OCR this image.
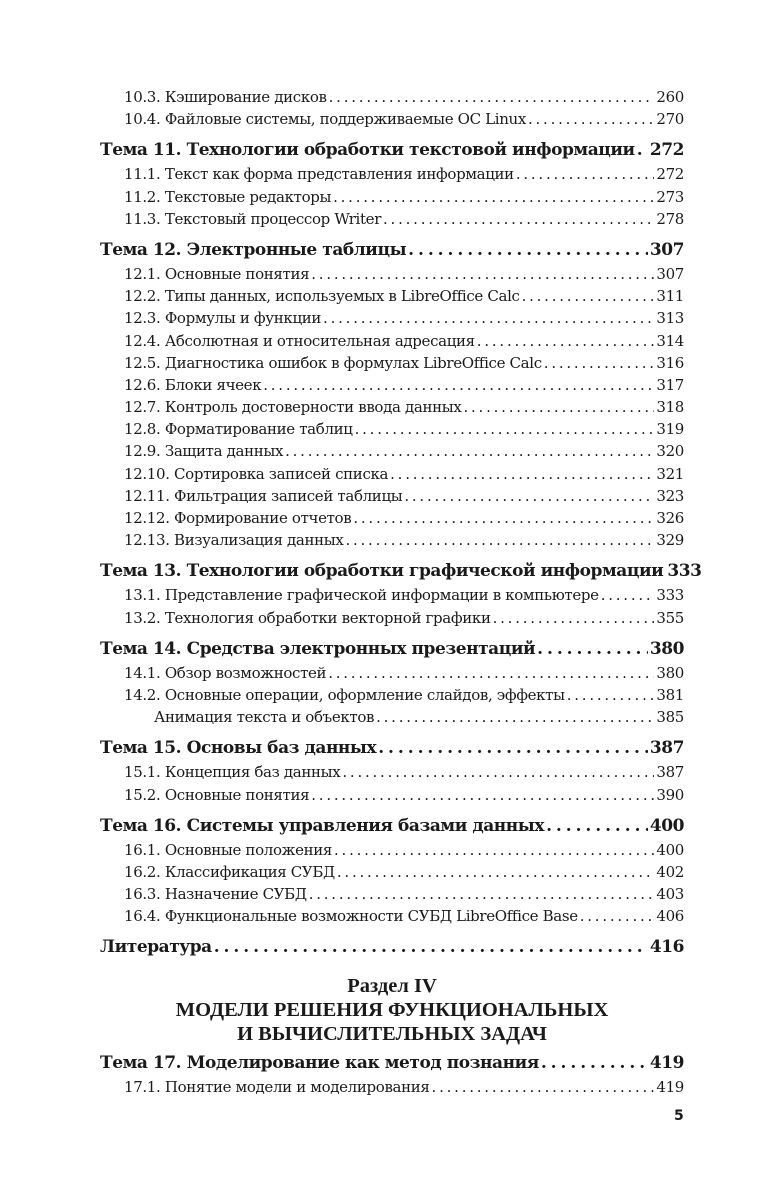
10.3. Кэширование дисков . . .	260
10.4. Файловые системы, поддерживаемые ОС Linux . . .	270
Тема 11. Технологии обработки текстовой информации . . . 272
11.1. Текст как форма представления информации . . .	272
11.2. Текстовые редакторы . . .	273
11.3. Текстовый процессор Writer . . .	278
Тема 12. Электронные таблицы . . .	307
12.1. Основные понятия . . .	307
12.2. Типы данных, используемых в LibreOffice Calc . . .	311
12.3. Формулы и функции . . .	313
12.4. Абсолютная и относительная адресация . . .	314
12.5. Диагностика ошибок в формулах LibreOffice Calc . . .	316
12.6. Блоки ячеек . . .	317
12.7. Контроль достоверности ввода данных . . .	318
12.8. Форматирование таблиц . . .	319
12.9. Защита данных . . .	320
12.10. Сортировка записей списка . . .	321
12.11. Фильтрация записей таблицы . . .	323
12.12. Формирование отчетов . . .	326
12.13. Визуализация данных . . .	329
Тема 13. Технологии обработки графической информации 333
13.1. Представление графической информации в компьютере . . .	333
13.2. Технология обработки векторной графики . . .	355
Тема 14. Средства электронных презентаций . . .	380
14.1. Обзор возможностей . . .	380
14.2. Основные операции, оформление слайдов, эффекты . . .	381
Анимация текста и объектов . . .	385
Тема 15. Основы баз данных . . .	387
15.1. Концепция баз данных . . .	387
15.2. Основные понятия . . .	390
Тема 16. Системы управления базами данных . . .	400
16.1. Основные положения . . .	400
16.2. Классификация СУБД . . .	402
16.3. Назначение СУБД . . .	403
16.4. Функциональные возможности СУБД LibreOffice Base . . .	406
Литература . . .	416
Раздел IV
МОДЕЛИ РЕШЕНИЯ ФУНКЦИОНАЛЬНЫХ
И ВЫЧИСЛИТЕЛЬНЫХ ЗАДАЧ
Тема 17. Моделирование как метод познания . . .	419
17.1. Понятие модели и моделирования . . .	419
5
